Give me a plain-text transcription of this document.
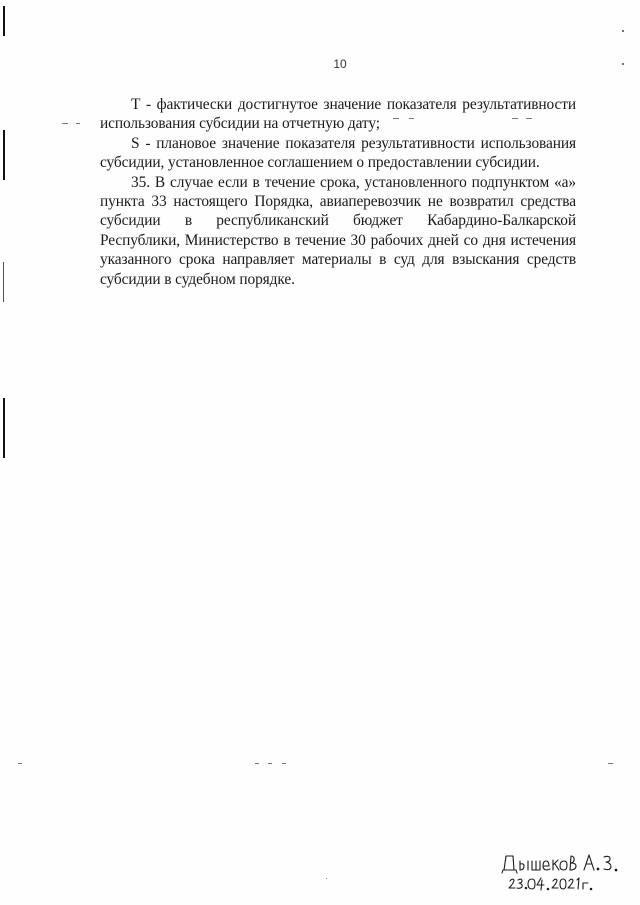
10

Т - фактически достигнутое значение показателя результативности использования субсидии на отчетную дату;

S - плановое значение показателя результативности использования субсидии, установленное соглашением о предоставлении субсидии.

35. В случае если в течение срока, установленного подпунктом «а» пункта 33 настоящего Порядка, авиаперевозчик не возвратил средства субсидии в республиканский бюджет Кабардино-Балкарской Республики, Министерство в течение 30 рабочих дней со дня истечения указанного срока направляет материалы в суд для взыскания средств субсидии в судебном порядке.
